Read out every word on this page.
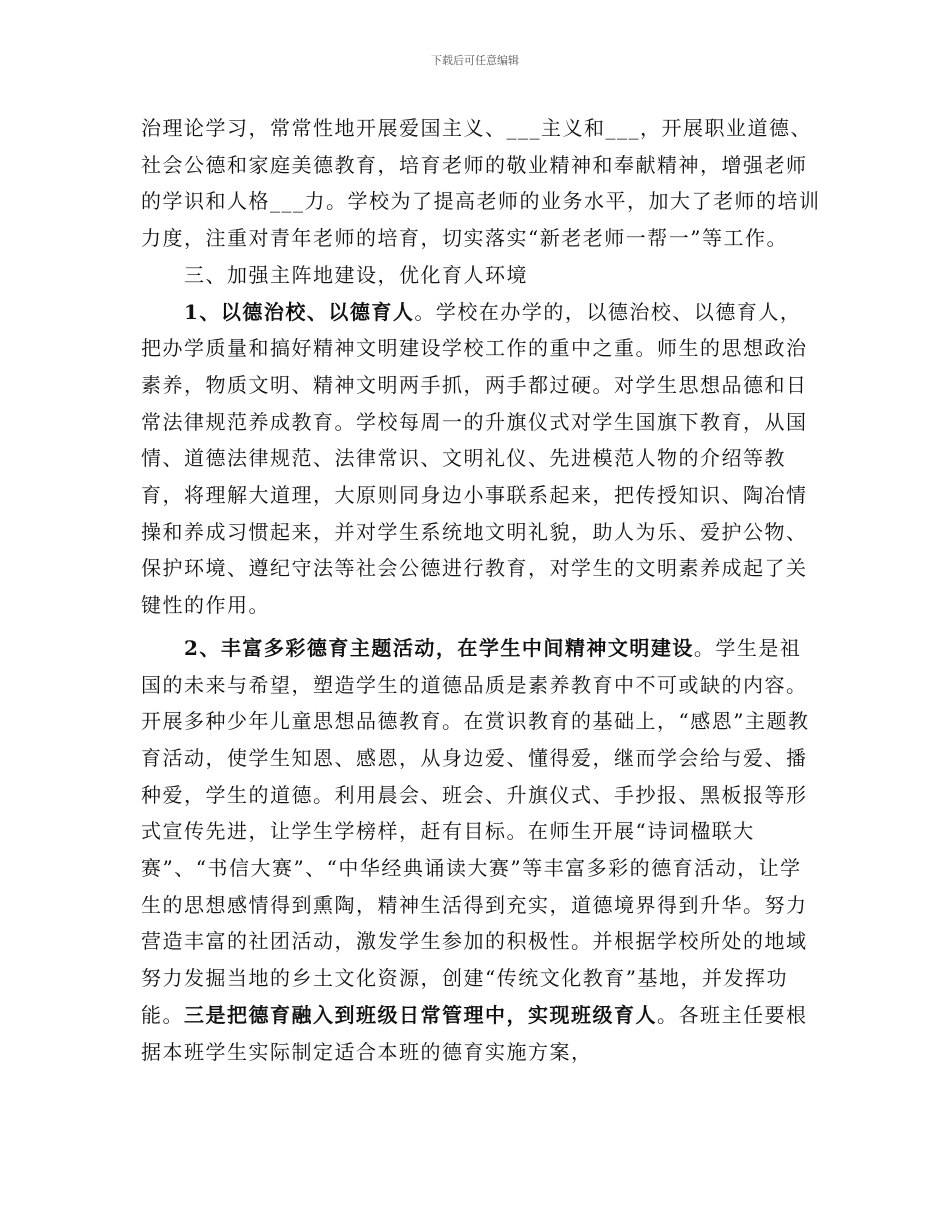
下载后可任意编辑

治理论学习，常常性地开展爱国主义、___主义和___，开展职业道德、社会公德和家庭美德教育，培育老师的敬业精神和奉献精神，增强老师的学识和人格___力。学校为了提高老师的业务水平，加大了老师的培训力度，注重对青年老师的培育，切实落实“新老老师一帮一”等工作。

三、加强主阵地建设，优化育人环境

1、以德治校、以德育人。学校在办学的，以德治校、以德育人，把办学质量和搞好精神文明建设学校工作的重中之重。师生的思想政治素养，物质文明、精神文明两手抓，两手都过硬。对学生思想品德和日常法律规范养成教育。学校每周一的升旗仪式对学生国旗下教育，从国情、道德法律规范、法律常识、文明礼仪、先进模范人物的介绍等教育，将理解大道理，大原则同身边小事联系起来，把传授知识、陶冶情操和养成习惯起来，并对学生系统地文明礼貌，助人为乐、爱护公物、保护环境、遵纪守法等社会公德进行教育，对学生的文明素养成起了关键性的作用。

2、丰富多彩德育主题活动，在学生中间精神文明建设。学生是祖国的未来与希望，塑造学生的道德品质是素养教育中不可或缺的内容。开展多种少年儿童思想品德教育。在赏识教育的基础上，“感恩”主题教育活动，使学生知恩、感恩，从身边爱、懂得爱，继而学会给与爱、播种爱，学生的道德。利用晨会、班会、升旗仪式、手抄报、黑板报等形式宣传先进，让学生学榜样，赶有目标。在师生开展“诗词楹联大赛”、“书信大赛”、“中华经典诵读大赛”等丰富多彩的德育活动，让学生的思想感情得到熏陶，精神生活得到充实，道德境界得到升华。努力营造丰富的社团活动，激发学生参加的积极性。并根据学校所处的地域努力发掘当地的乡土文化资源，创建“传统文化教育”基地，并发挥功能。三是把德育融入到班级日常管理中，实现班级育人。各班主任要根据本班学生实际制定适合本班的德育实施方案，
